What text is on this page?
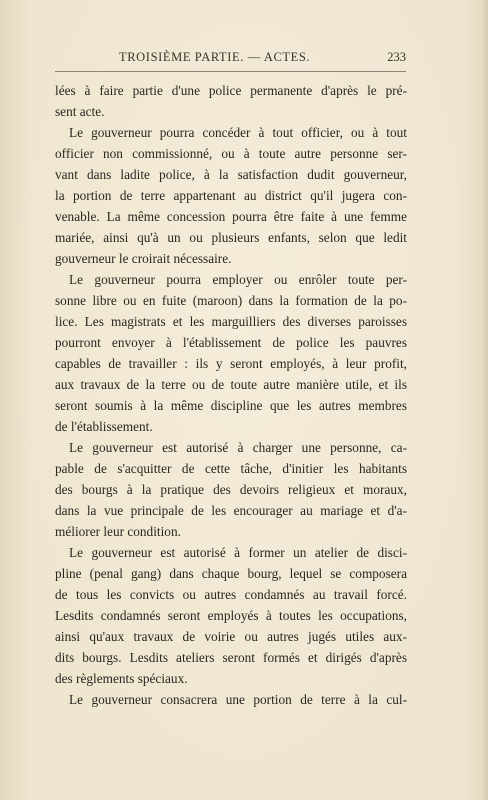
TROISIÈME PARTIE. — ACTES.	233
lées à faire partie d'une police permanente d'après le pré-
sent acte.
Le gouverneur pourra concéder à tout officier, ou à tout
officier non commissionné, ou à toute autre personne ser-
vant dans ladite police, à la satisfaction dudit gouverneur,
la portion de terre appartenant au district qu'il jugera con-
venable. La même concession pourra être faite à une femme
mariée, ainsi qu'à un ou plusieurs enfants, selon que ledit
gouverneur le croirait nécessaire.
Le gouverneur pourra employer ou enrôler toute per-
sonne libre ou en fuite (maroon) dans la formation de la po-
lice. Les magistrats et les marguilliers des diverses paroisses
pourront envoyer à l'établissement de police les pauvres
capables de travailler : ils y seront employés, à leur profit,
aux travaux de la terre ou de toute autre manière utile, et ils
seront soumis à la même discipline que les autres membres
de l'établissement.
Le gouverneur est autorisé à charger une personne, ca-
pable de s'acquitter de cette tâche, d'initier les habitants
des bourgs à la pratique des devoirs religieux et moraux,
dans la vue principale de les encourager au mariage et d'a-
méliorer leur condition.
Le gouverneur est autorisé à former un atelier de disci-
pline (penal gang) dans chaque bourg, lequel se composera
de tous les convicts ou autres condamnés au travail forcé.
Lesdits condamnés seront employés à toutes les occupations,
ainsi qu'aux travaux de voirie ou autres jugés utiles aux-
dits bourgs. Lesdits ateliers seront formés et dirigés d'après
des règlements spéciaux.
Le gouverneur consacrera une portion de terre à la cul-
